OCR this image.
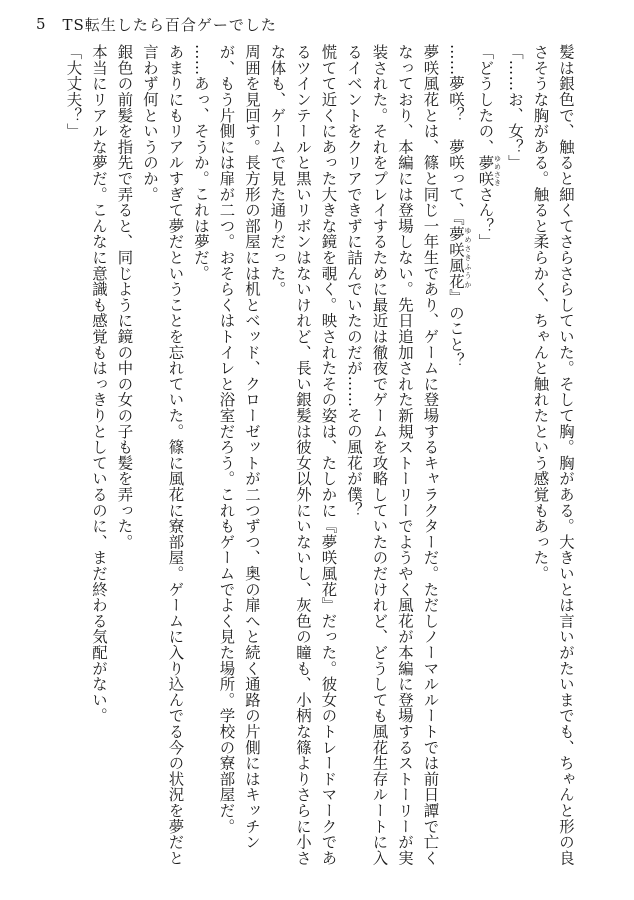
5 TS転生したら百合ゲーでした

髪は銀色で、触ると細くてさらさらしていた。そして胸。胸がある。大きいとは言いがたいまでも、ちゃんと形の良さそうな胸がある。触ると柔らかく、ちゃんと触れたという感覚もあった。

「……お、女？」

「どうしたの、夢咲 ゆめさきさん？」

……夢咲？　夢咲って、『夢咲風花 ゆめさきふうか』のこと？

夢咲風花とは、篠と同じ一年生であり、ゲームに登場するキャラクターだ。ただしノーマルルートでは前日譚で亡くなっており、本編には登場しない。先日追加された新規ストーリーでようやく風花が本編に登場するストーリーが実装された。それをプレイするために最近は徹夜でゲームを攻略していたのだけれど、どうしても風花生存ルートに入るイベントをクリアできずに詰んでいたのだが……その風花が僕？

慌てて近くにあった大きな鏡を覗く。映されたその姿は、たしかに『夢咲風花』だった。彼女のトレードマークであるツインテールと黒いリボンはないけれど、長い銀髪は彼女以外にいないし、灰色の瞳も、小柄な篠よりさらに小さな体も、ゲームで見た通りだった。

周囲を見回す。長方形の部屋には机とベッド、クローゼットが二つずつ、奥の扉へと続く通路の片側にはキッチンが、もう片側には扉が二つ。おそらくはトイレと浴室だろう。これもゲームでよく見た場所。学校の寮部屋だ。

……あっ、そうか。これは夢だ。

あまりにもリアルすぎて夢だということを忘れていた。篠に風花に寮部屋。ゲームに入り込んでる今の状況を夢だと言わず何というのか。

銀色の前髪を指先で弄ると、同じように鏡の中の女の子も髪を弄った。

本当にリアルな夢だ。こんなに意識も感覚もはっきりとしているのに、まだ終わる気配がない。

「大丈夫？」
